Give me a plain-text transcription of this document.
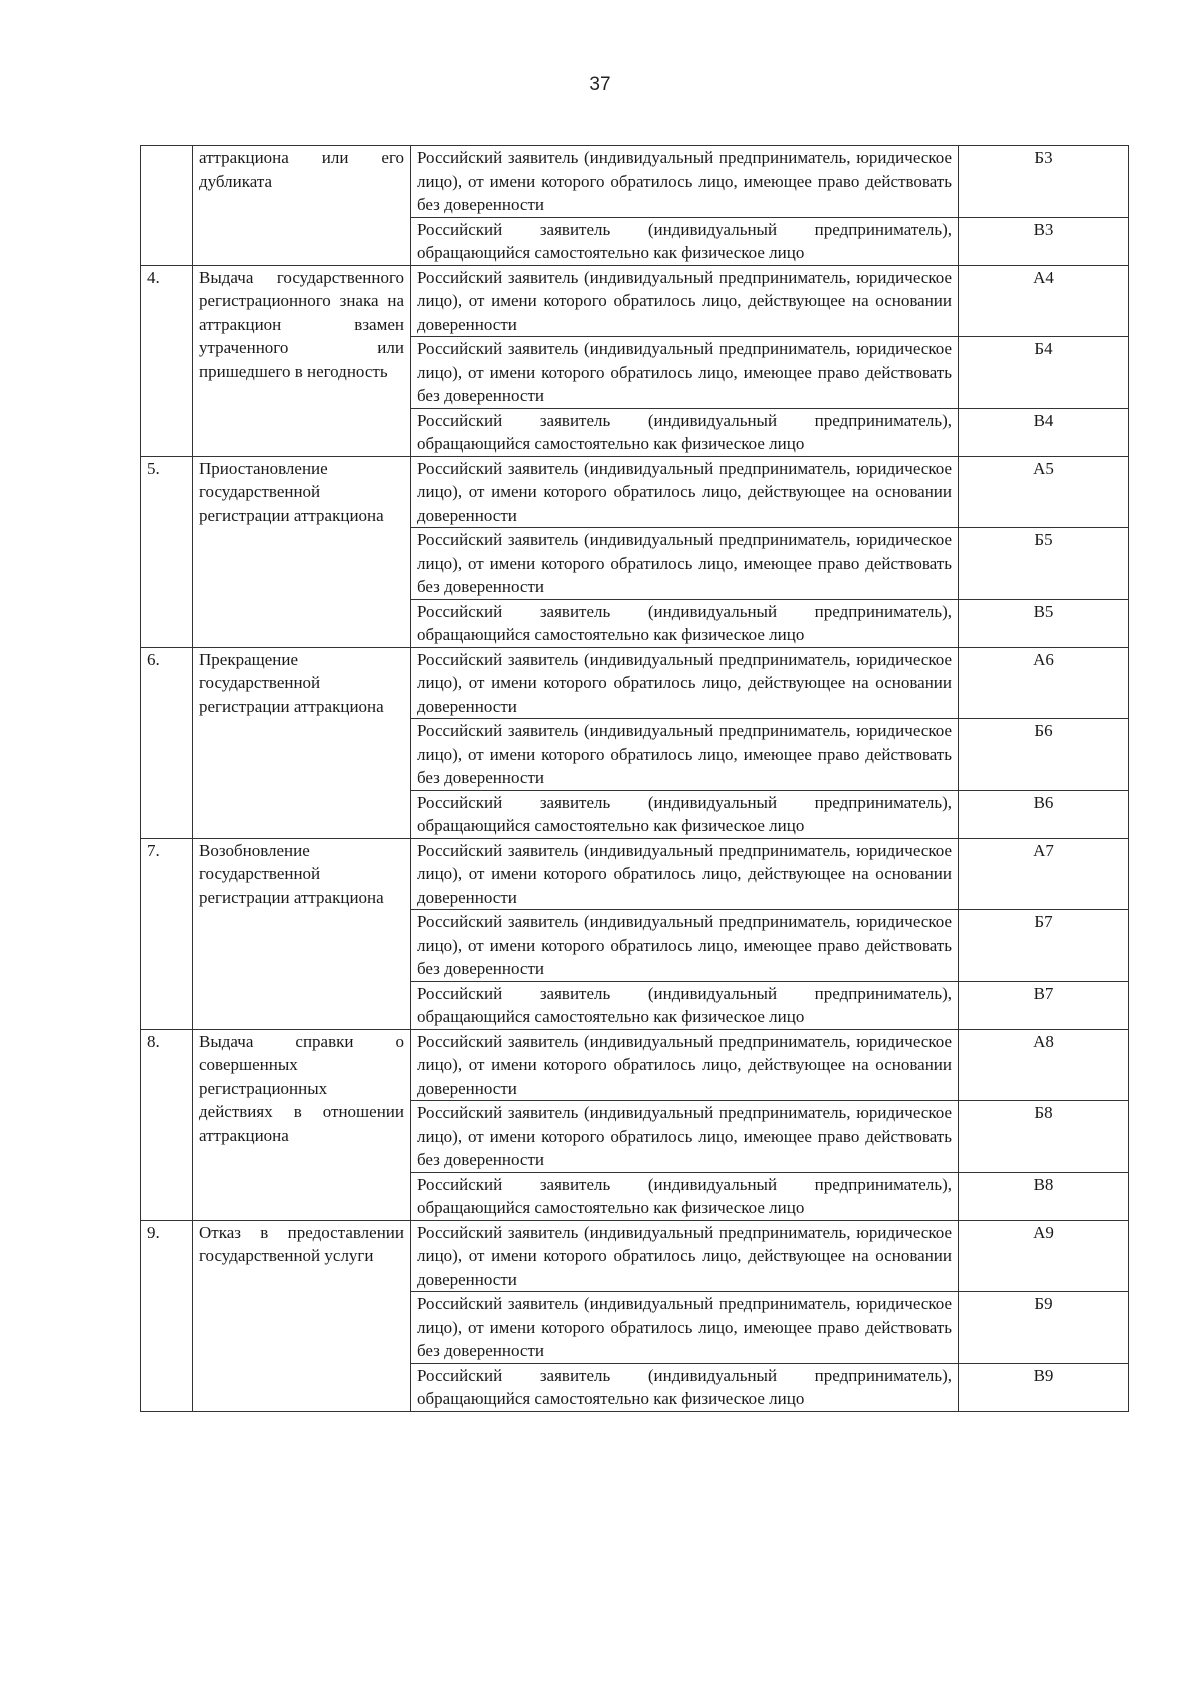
37
	аттракциона или его дубликата	Российский заявитель (индивидуальный предприниматель, юридическое лицо), от имени которого обратилось лицо, имеющее право действовать без доверенности	Б3
		Российский заявитель (индивидуальный предприниматель), обращающийся самостоятельно как физическое лицо	В3
4.	Выдача государственного регистрационного знака на аттракцион взамен утраченного или пришедшего в негодность	Российский заявитель (индивидуальный предприниматель, юридическое лицо), от имени которого обратилось лицо, действующее на основании доверенности	А4
		Российский заявитель (индивидуальный предприниматель, юридическое лицо), от имени которого обратилось лицо, имеющее право действовать без доверенности	Б4
		Российский заявитель (индивидуальный предприниматель), обращающийся самостоятельно как физическое лицо	В4
5.	Приостановление государственной регистрации аттракциона	Российский заявитель (индивидуальный предприниматель, юридическое лицо), от имени которого обратилось лицо, действующее на основании доверенности	А5
		Российский заявитель (индивидуальный предприниматель, юридическое лицо), от имени которого обратилось лицо, имеющее право действовать без доверенности	Б5
		Российский заявитель (индивидуальный предприниматель), обращающийся самостоятельно как физическое лицо	В5
6.	Прекращение государственной регистрации аттракциона	Российский заявитель (индивидуальный предприниматель, юридическое лицо), от имени которого обратилось лицо, действующее на основании доверенности	А6
		Российский заявитель (индивидуальный предприниматель, юридическое лицо), от имени которого обратилось лицо, имеющее право действовать без доверенности	Б6
		Российский заявитель (индивидуальный предприниматель), обращающийся самостоятельно как физическое лицо	В6
7.	Возобновление государственной регистрации аттракциона	Российский заявитель (индивидуальный предприниматель, юридическое лицо), от имени которого обратилось лицо, действующее на основании доверенности	А7
		Российский заявитель (индивидуальный предприниматель, юридическое лицо), от имени которого обратилось лицо, имеющее право действовать без доверенности	Б7
		Российский заявитель (индивидуальный предприниматель), обращающийся самостоятельно как физическое лицо	В7
8.	Выдача справки о совершенных регистрационных действиях в отношении аттракциона	Российский заявитель (индивидуальный предприниматель, юридическое лицо), от имени которого обратилось лицо, действующее на основании доверенности	А8
		Российский заявитель (индивидуальный предприниматель, юридическое лицо), от имени которого обратилось лицо, имеющее право действовать без доверенности	Б8
		Российский заявитель (индивидуальный предприниматель), обращающийся самостоятельно как физическое лицо	В8
9.	Отказ в предоставлении государственной услуги	Российский заявитель (индивидуальный предприниматель, юридическое лицо), от имени которого обратилось лицо, действующее на основании доверенности	А9
		Российский заявитель (индивидуальный предприниматель, юридическое лицо), от имени которого обратилось лицо, имеющее право действовать без доверенности	Б9
		Российский заявитель (индивидуальный предприниматель), обращающийся самостоятельно как физическое лицо	В9
